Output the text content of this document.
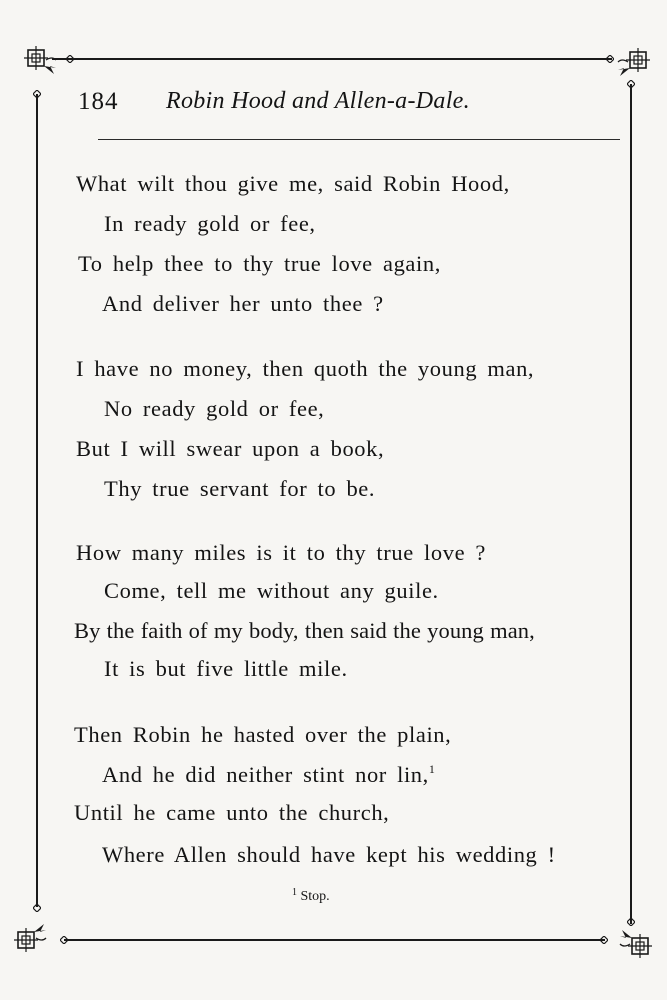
184 Robin Hood and Allen-a-Dale.
What wilt thou give me, said Robin Hood,
In ready gold or fee,
To help thee to thy true love again,
And deliver her unto thee ?
I have no money, then quoth the young man,
No ready gold or fee,
But I will swear upon a book,
Thy true servant for to be.
How many miles is it to thy true love ?
Come, tell me without any guile.
By the faith of my body, then said the young man,
It is but five little mile.
Then Robin he hasted over the plain,
And he did neither stint nor lin,$^1$
Until he came unto the church,
Where Allen should have kept his wedding !
$^1$ Stop.
